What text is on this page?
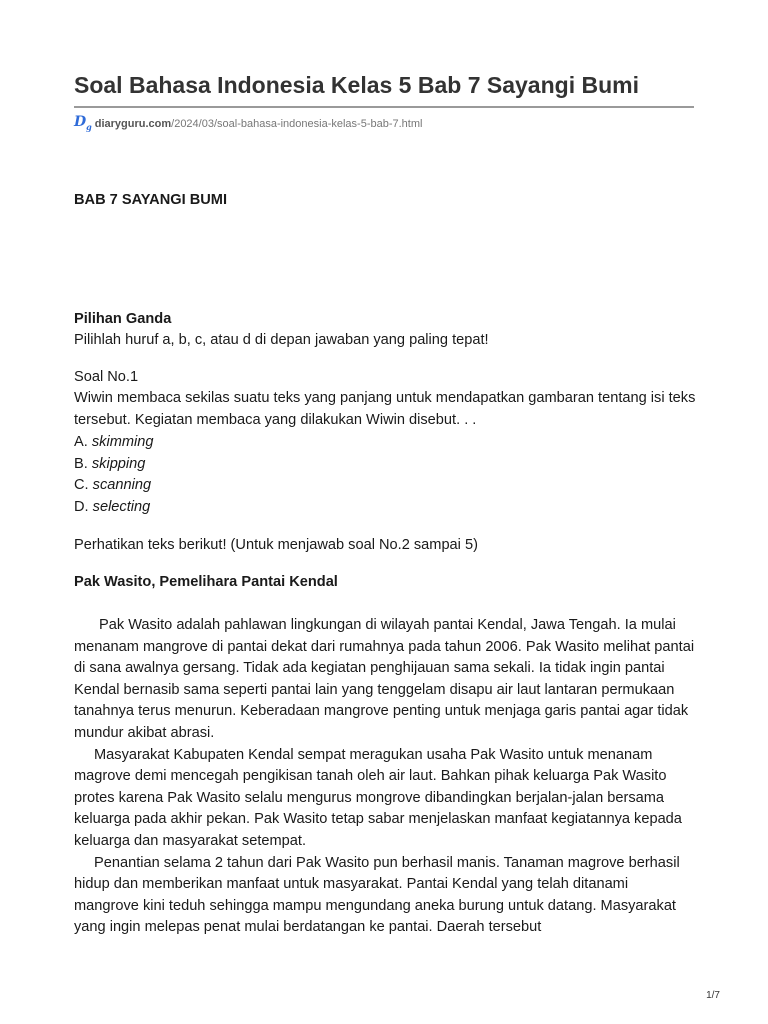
Soal Bahasa Indonesia Kelas 5 Bab 7 Sayangi Bumi
$D_g$ diaryguru.com /2024/03/soal-bahasa-indonesia-kelas-5-bab-7.html
BAB 7 SAYANGI BUMI
Pilihan Ganda
Pilihlah huruf a, b, c, atau d di depan jawaban yang paling tepat!
Soal No.1
Wiwin membaca sekilas suatu teks yang panjang untuk mendapatkan gambaran tentang isi teks tersebut. Kegiatan membaca yang dilakukan Wiwin disebut. . .
A. skimming
B. skipping
C. scanning
D. selecting
Perhatikan teks berikut! (Untuk menjawab soal No.2 sampai 5)
Pak Wasito, Pemelihara Pantai Kendal

Pak Wasito adalah pahlawan lingkungan di wilayah pantai Kendal, Jawa Tengah. Ia mulai menanam mangrove di pantai dekat dari rumahnya pada tahun 2006. Pak Wasito melihat pantai di sana awalnya gersang. Tidak ada kegiatan penghijauan sama sekali. Ia tidak ingin pantai Kendal bernasib sama seperti pantai lain yang tenggelam disapu air laut lantaran permukaan tanahnya terus menurun. Keberadaan mangrove penting untuk menjaga garis pantai agar tidak mundur akibat abrasi.

Masyarakat Kabupaten Kendal sempat meragukan usaha Pak Wasito untuk menanam magrove demi mencegah pengikisan tanah oleh air laut. Bahkan pihak keluarga Pak Wasito protes karena Pak Wasito selalu mengurus mongrove dibandingkan berjalan-jalan bersama keluarga pada akhir pekan. Pak Wasito tetap sabar menjelaskan manfaat kegiatannya kepada keluarga dan masyarakat setempat.

Penantian selama 2 tahun dari Pak Wasito pun berhasil manis. Tanaman magrove berhasil hidup dan memberikan manfaat untuk masyarakat. Pantai Kendal yang telah ditanami mangrove kini teduh sehingga mampu mengundang aneka burung untuk datang. Masyarakat yang ingin melepas penat mulai berdatangan ke pantai. Daerah tersebut

1/7
